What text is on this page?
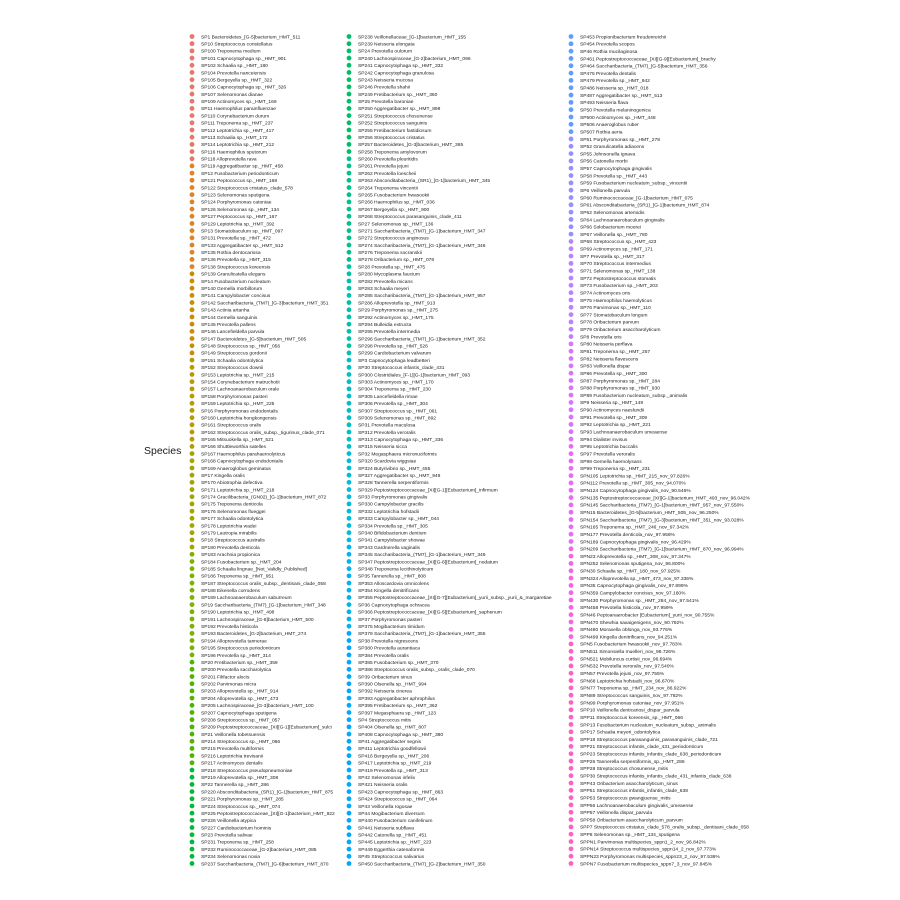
Species
SP1 Bacteroidetes_[G-5]bacterium_HMT_511
SP10 Streptococcus constellatus
SP100 Treponema medium
SP101 Capnocytophaga sp._HMT_901
SP102 Schaalia sp._HMT_180
SP104 Prevotella nanceiensis
SP105 Bergeyella sp._HMT_322
SP106 Capnocytophaga sp._HMT_326
SP107 Selenomonas dianae
SP109 Actinomyces sp._HMT_169
SP11 Haemophilus parainfluenzae
SP110 Corynebacterium durum
SP111 Treponema sp._HMT_237
SP112 Leptotrichia sp._HMT_417
SP113 Schaalia sp._HMT_172
SP114 Leptotrichia sp._HMT_212
SP116 Haemophilus sputorum
SP118 Alloprevotella rava
SP119 Aggregatibacter sp._HMT_458
SP12 Fusobacterium periodonticum
SP121 Peptococcus sp._HMT_168
SP122 Streptococcus cristatus_clade_578
SP123 Selenomonas sputigena
SP124 Porphyromonas catoniae
SP126 Selenomonas sp._HMT_134
SP127 Peptococcus sp._HMT_167
SP129 Leptotrichia sp._HMT_392
SP13 Stomatobaculum sp._HMT_097
SP131 Prevotella sp._HMT_472
SP133 Aggregatibacter sp._HMT_512
SP135 Rothia dentocariosa
SP136 Prevotella sp._HMT_315
SP138 Streptococcus koreensis
SP139 Granulicatella elegans
SP14 Fusobacterium nucleatum
SP140 Gemella morbillorum
SP141 Campylobacter concisus
SP142 Saccharibacteria_(TM7)_[G-3]bacterium_HMT_351
SP143 Actinia artanha
SP144 Gemella sanguinis
SP145 Prevotella pallens
SP146 Lancefieldella parvula
SP147 Bacteroidetes_[G-5]bacterium_HMT_505
SP148 Streptococcus sp._HMT_056
SP149 Streptococcus gordonii
SP151 Schaalia odontolytica
SP152 Streptococcus downii
SP153 Leptotrichia sp._HMT_215
SP154 Corynebacterium matruchotii
SP157 Lachnoanaerobaculum orale
SP158 Porphyromonas pasteri
SP159 Leptotrichia sp._HMT_225
SP16 Porphyromonas endodontalis
SP160 Leptotrichia hongkongensis
SP161 Streptococcus oralis
SP162 Streptococcus oralis_subsp._tigurinus_clade_071
SP165 Mitsuokella sp._HMT_521
SP166 Shuttleworthia satelles
SP167 Haemophilus parahaemolyticus
SP168 Capnocytophaga endodontalis
SP169 Anaeroglobus geminatus
SP17 Kingella oralis
SP170 Abiotrophia defectiva
SP171 Leptotrichia sp._HMT_218
SP174 Gracilibacteria_(GN02)_[G-1]bacterium_HMT_872
SP175 Treponema denticola
SP176 Selenomonas flueggei
SP177 Schaalia odontolytica
SP178 Leptotrichia wadei
SP179 Lautropia mirabilis
SP18 Streptococcus australis
SP180 Prevotella denticola
SP183 Arachnia propionica
SP184 Fusobacterium sp._HMT_204
SP185 Schaalia lingnae_[Not_Validly_Published]
SP186 Treponema sp._HMT_951
SP187 Streptococcus oralis_subsp._dentisani_clade_058
SP188 Eikenella corrodens
SP189 Lachnoanaerobaculum saburreum
SP19 Saccharibacteria_(TM7)_[G-1]bacterium_HMT_348
SP190 Leptotrichia sp._HMT_498
SP191 Lachnospiraceae_[G-8]bacterium_HMT_500
SP192 Prevotella histicola
SP193 Bacteroidetes_[G-2]bacterium_HMT_274
SP194 Alloprevotella tannerae
SP195 Streptococcus periodonticum
SP196 Prevotella sp._HMT_314
SP20 Fretibacterium sp._HMT_359
SP200 Prevotella saccharolytica
SP201 Filifactor alocis
SP202 Parvimonas micra
SP203 Alloprevotella sp._HMT_914
SP204 Alloprevotella sp._HMT_473
SP205 Lachnospiraceae_[G-3]bacterium_HMT_100
SP207 Capnocytophaga sputigena
SP208 Streptococcus sp._HMT_057
SP209 Peptostreptococcaceae_[XI][G-1][Eubacterium]_sulci
SP21 Veillonella tobetsuensis
SP214 Streptococcus sp._HMT_066
SP215 Prevotella multiformis
SP216 Leptotrichia trevisanii
SP217 Actinomyces dentalis
SP218 Streptococcus pseudopneumoniae
SP219 Alloprevotella sp._HMT_308
SP22 Tannerella sp._HMT_286
SP220 Absconditabacteria_(SR1)_[G-1]bacterium_HMT_875
SP221 Porphyromonas sp._HMT_285
SP224 Streptococcus sp._HMT_074
SP225 Peptostreptococcaceae_[XI][G-1]bacterium_HMT_922
SP226 Veillonella atypica
SP227 Cardiobacterium hominis
SP23 Prevotella salivae
SP231 Treponema sp._HMT_258
SP232 Ruminococcaceae_[G-2]bacterium_HMT_085
SP234 Selenomonas noxia
SP237 Saccharibacteria_(TM7)_[G-6]bacterium_HMT_870
SP238 Veillonellaceae_[G-1]bacterium_HMT_155
SP239 Neisseria elongata
SP24 Prevotella oulorum
SP240 Lachnospiraceae_[G-2]bacterium_HMT_096
SP241 Capnocytophaga sp._HMT_332
SP242 Capnocytophaga granulosa
SP243 Neisseria mucosa
SP246 Prevotella shahii
SP249 Fretibacterium sp._HMT_360
SP25 Prevotella baroniae
SP250 Aggregatibacter sp._HMT_898
SP251 Streptococcus chosunense
SP252 Streptococcus sanguinis
SP255 Fretibacterium fastidiosum
SP256 Streptococcus cristatus
SP257 Bacteroidetes_[G-3]bacterium_HMT_365
SP258 Treponema amylovorum
SP260 Prevotella pleuritidis
SP261 Prevotella jejuni
SP262 Prevotella loescheii
SP263 Absconditabacteria_(SR1)_[G-1]bacterium_HMT_345
SP264 Treponema vincentii
SP265 Fusobacterium hwasookii
SP266 Haemophilus sp._HMT_036
SP267 Bergeyella sp._HMT_900
SP268 Streptococcus parasanguinis_clade_411
SP27 Selenomonas sp._HMT_136
SP271 Saccharibacteria_(TM7)_[G-1]bacterium_HMT_347
SP272 Streptococcus anginosus
SP274 Saccharibacteria_(TM7)_[G-1]bacterium_HMT_346
SP276 Treponema socranskii
SP278 Oribacterium sp._HMT_078
SP28 Prevotella sp._HMT_475
SP280 Mycoplasma faucium
SP282 Prevotella micans
SP283 Schaalia meyeri
SP285 Saccharibacteria_(TM7)_[G-1]bacterium_HMT_957
SP286 Alloprevotella sp._HMT_913
SP29 Porphyromonas sp._HMT_275
SP292 Actinomyces sp._HMT_175
SP294 Bulleidia extructa
SP295 Prevotella intermedia
SP296 Saccharibacteria_(TM7)_[G-1]bacterium_HMT_352
SP298 Prevotella sp._HMT_526
SP299 Cardiobacterium valvarum
SP3 Capnocytophaga leadbetteri
SP30 Streptococcus infantis_clade_431
SP300 Clostridiales_[F-1][G-1]bacterium_HMT_093
SP303 Actinomyces sp._HMT_170
SP304 Treponema sp._HMT_230
SP305 Lancefieldella rimae
SP306 Prevotella sp._HMT_304
SP307 Streptococcus sp._HMT_061
SP309 Selenomonas sp._HMT_892
SP31 Prevotella maculosa
SP312 Prevotella veroralis
SP313 Capnocytophaga sp._HMT_336
SP315 Neisseria sicca
SP32 Megasphaera micronuciformis
SP320 Scardovia wiggsiae
SP324 Butyrivibrio sp._HMT_455
SP327 Aggregatibacter sp._HMT_949
SP328 Tannerella serpentiformis
SP329 Peptostreptococcaceae_[XI][G-1][Eubacterium]_infirmum
SP33 Porphyromonas gingivalis
SP330 Campylobacter gracilis
SP332 Leptotrichia hofstadii
SP333 Campylobacter sp._HMT_044
SP334 Prevotella sp._HMT_305
SP340 Bifidobacterium dentium
SP341 Campylobacter showae
SP343 Gardnerella vaginalis
SP345 Saccharibacteria_(TM7)_[G-1]bacterium_HMT_349
SP347 Peptostreptococcaceae_[XI][G-6][Eubacterium]_nodatum
SP348 Treponema lecithinolyticum
SP35 Tannerella sp._HMT_808
SP353 Alloscardovia omnicolens
SP354 Kingella denitrificans
SP355 Peptostreptococcaceae_[XI][G-7][Eubacterium]_yurii_subsp._yurii_&_margaretiae
SP36 Capnocytophaga ochracea
SP366 Peptostreptococcaceae_[XI][G-5][Eubacterium]_saphenum
SP37 Porphyromonas pasteri
SP375 Mogibacterium timidum
SP379 Saccharibacteria_(TM7)_[G-1]bacterium_HMT_355
SP38 Prevotella nigrescens
SP380 Prevotella aurantiaca
SP384 Prevotella oralis
SP385 Fusobacterium sp._HMT_370
SP386 Streptococcus oralis_subsp._oralis_clade_070
SP39 Oribacterium sinus
SP390 Olsenella sp._HMT_994
SP392 Neisseria cinerea
SP393 Aggregatibacter aphrophilus
SP395 Fretibacterium sp._HMT_362
SP397 Megasphaera sp._HMT_123
SP4 Streptococcus mitis
SP404 Olsenella sp._HMT_807
SP408 Capnocytophaga sp._HMT_380
SP41 Aggregatibacter segnis
SP411 Leptotrichia goodfellowii
SP416 Bergeyella sp._HMT_206
SP417 Leptotrichia sp._HMT_219
SP419 Prevotella sp._HMT_313
SP42 Selenomonas infelix
SP421 Neisseria oralis
SP423 Capnocytophaga sp._HMT_863
SP424 Streptococcus sp._HMT_064
SP43 Veillonella rogosae
SP44 Mogibacterium diversum
SP440 Fusobacterium canifelinum
SP441 Neisseria subflava
SP442 Catonella sp._HMT_451
SP445 Leptotrichia sp._HMT_223
SP449 Eggerthia catenaformis
SP45 Streptococcus salivarius
SP450 Saccharibacteria_(TM7)_[G-2]bacterium_HMT_350
SP453 Propionibacterium freudenreichii
SP454 Prevotella scopos
SP46 Rothia mucilaginosa
SP461 Peptostreptococcaceae_[XI][G-9][Eubacterium]_brachy
SP464 Saccharibacteria_(TM7)_[G-5]bacterium_HMT_356
SP475 Prevotella dentalis
SP479 Prevotella sp._HMT_942
SP486 Neisseria sp._HMT_018
SP487 Aggregatibacter sp._HMT_513
SP493 Neisseria flava
SP50 Prevotella melaninogenica
SP500 Actinomyces sp._HMT_448
SP506 Anaeroglobus ruber
SP507 Rothia aeria
SP51 Porphyromonas sp._HMT_278
SP52 Granulicatella adiacens
SP55 Johnsonella ignava
SP56 Catonella morbi
SP57 Capnocytophaga gingivalis
SP58 Prevotella sp._HMT_443
SP59 Fusobacterium nucleatum_subsp._vincentii
SP6 Veillonella parvula
SP60 Ruminococcaceae_[G-1]bacterium_HMT_075
SP61 Absconditabacteria_(SR1)_[G-1]bacterium_HMT_874
SP62 Selenomonas artemidis
SP64 Lachnoanaerobaculum gingivalis
SP66 Solobacterium moorei
SP67 Veillonella sp._HMT_780
SP68 Streptococcus sp._HMT_423
SP69 Actinomyces sp._HMT_171
SP7 Prevotella sp._HMT_317
SP70 Streptococcus intermedius
SP71 Selenomonas sp._HMT_138
SP72 Peptostreptococcus stomatis
SP73 Fusobacterium sp._HMT_203
SP74 Actinomyces oris
SP75 Haemophilus haemolyticus
SP76 Parvimonas sp._HMT_110
SP77 Stomatobaculum longum
SP78 Oribacterium parvum
SP79 Oribacterium asaccharolyticum
SP8 Prevotella oris
SP80 Neisseria perflava
SP81 Treponema sp._HMT_257
SP82 Neisseria flavescens
SP83 Veillonella dispar
SP86 Prevotella sp._HMT_300
SP87 Porphyromonas sp._HMT_284
SP88 Porphyromonas sp._HMT_930
SP89 Fusobacterium nucleatum_subsp._animalis
SP9 Neisseria sp._HMT_149
SP90 Actinomyces naeslundii
SP91 Prevotella sp._HMT_309
SP92 Leptotrichia sp._HMT_221
SP93 Lachnoanaerobaculum umeaense
SP94 Dialister invisus
SP95 Leptotrichia buccalis
SP97 Prevotella veroralis
SP98 Gemella haemolysans
SP99 Treponema sp._HMT_231
SPN105 Leptotrichia sp._HMT_215_nov_97.826%
SPN112 Prevotella sp._HMT_305_nov_94.070%
SPN124 Capnocytophaga gingivalis_nov_90.546%
SPN135 Peptostreptococcaceae_[XI][G-1]bacterium_HMT_493_nov_96.042%
SPN145 Saccharibacteria_(TM7)_[G-1]bacterium_HMT_957_nov_97.550%
SPN15 Bacteroidetes_[G-5]bacterium_HMT_505_nov_96.250%
SPN154 Saccharibacteria_(TM7)_[G-3]bacterium_HMT_351_nov_93.028%
SPN165 Treponema sp._HMT_246_nov_97.342%
SPN177 Prevotella denticola_nov_97.956%
SPN189 Capnocytophaga gingivalis_nov_96.429%
SPN209 Saccharibacteria_(TM7)_[G-1]bacterium_HMT_870_nov_96.994%
SPN23 Alloprevotella sp._HMT_308_nov_97.347%
SPN252 Selenomonas sputigena_nov_96.800%
SPN30 Schaalia sp._HMT_180_nov_97.925%
SPN324 Alloprevotella sp._HMT_473_nov_97.336%
SPN35 Capnocytophaga gingivalis_nov_97.899%
SPN359 Campylobacter concisus_nov_97.160%
SPN430 Porphyromonas sp._HMT_284_nov_97.541%
SPN458 Prevotella histicola_nov_97.959%
SPN46 Peptoanaerobacter [Eubacterium]_yurii_nov_90.755%
SPN470 Shewhia saxaigenigens_nov_90.792%
SPN480 Moraxella oblonga_nov_93.776%
SPN499 Kingella denitrificans_nov_94.251%
SPN5 Fusobacterium hwasookii_nov_97.783%
SPN511 Simonsiella muelleri_nov_96.726%
SPN521 Mobiluncus curtisii_nov_96.694%
SPN532 Prevotella veroralis_nov_97.540%
SPN57 Prevotella jejuni_nov_97.755%
SPN68 Leptotrichia hofstadii_nov_96.670%
SPN77 Treponema sp._HMT_234_nov_86.922%
SPN89 Streptococcus sanguinis_nov_97.782%
SPN99 Porphyromonas catoniae_nov_97.951%
SPP10 Veillonella denticariosi_dispar_parvula
SPP11 Streptococcus koreensis_sp._HMT_066
SPP13 Fusobacterium nucleatum_nucleatum_subsp._animalis
SPP17 Schaalia meyeri_odontolytica
SPP18 Streptococcus parasanguinis_parasanguinis_clade_721
SPP21 Streptococcus infantis_clade_431_periodonticum
SPP23 Streptococcus infantis_infantis_clade_638_periodonticum
SPP26 Tannerella serpentiformis_sp._HMT_286
SPP28 Streptococcus chosunense_mitis
SPP30 Streptococcus infantis_infantis_clade_431_infantis_clade_638
SPP43 Oribacterium asaccharolyticum_sinus
SPP51 Streptococcus infantis_infantis_clade_638
SPP53 Streptococcus gwangjuense_mitis
SPP56 Lachnoanaerobaculum gingivalis_umeaense
SPP57 Veillonella dispar_parvula
SPP58 Oribacterium asaccharolyticum_parvum
SPP7 Streptococcus cristatus_clade_578_oralis_subsp._dentisani_clade_058
SPP8 Selenomonas sp._HMT_134_sputigena
SPPN1 Parvimonas multispecies_sppn1_2_nov_96.842%
SPPN14 Streptococcus multispecies_sppn14_2_nov_97.773%
SPPN23 Porphyromonas multispecies_sppn23_2_nov_97.536%
SPPN7 Fusobacterium multispecies_sppn7_3_nov_97.845%
